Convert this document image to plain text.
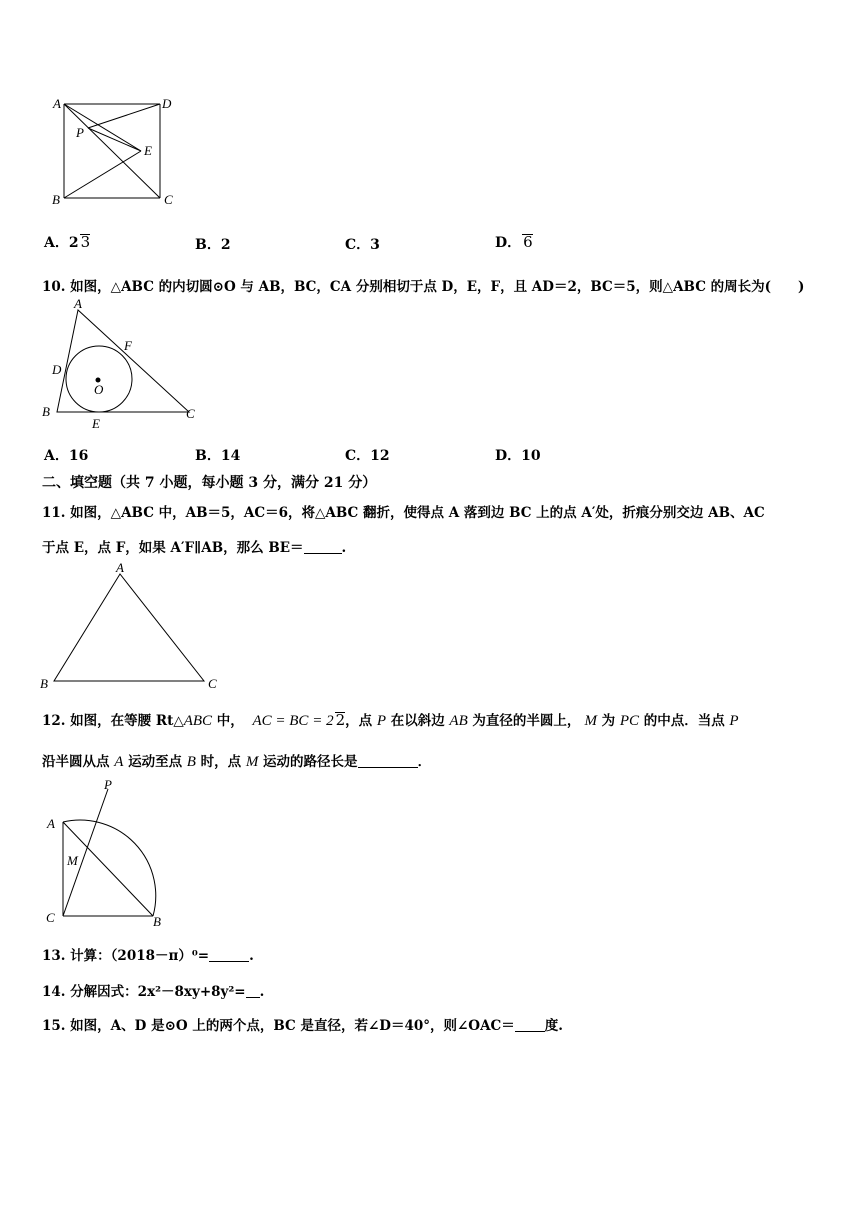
A	D
P
E
B	C
A．2 3	B．2	C．3	D． 6
10. 如图，△ABC 的内切圆⊙O 与 AB，BC，CA 分别相切于点 D，E，F，且 AD＝2，BC＝5，则△ABC 的周长为(　　)
A
F
D
O
B
E
C
A．16	B．14	C．12	D．10
二、填空题（共 7 小题，每小题 3 分，满分 21 分）
11. 如图，△ABC 中，AB＝5，AC＝6，将△ABC 翻折，使得点 A 落到边 BC 上的点 A′处，折痕分别交边 AB、AC
于点 E，点 F，如果 A′F∥AB，那么 BE＝	.
A
B	C
12. 如图，在等腰 Rt△ABC 中， AC = BC = 2 2，点 P 在以斜边 AB 为直径的半圆上， M 为 PC 的中点．当点 P
沿半圆从点 A 运动至点 B 时，点 M 运动的路径长是	．
P
A
M
C	B
13. 计算：（2018－π）⁰=	.
14. 分解因式：2x²－8xy+8y²= .
15. 如图，A、D 是⊙O 上的两个点，BC 是直径，若∠D＝40°，则∠OAC＝ 度.
